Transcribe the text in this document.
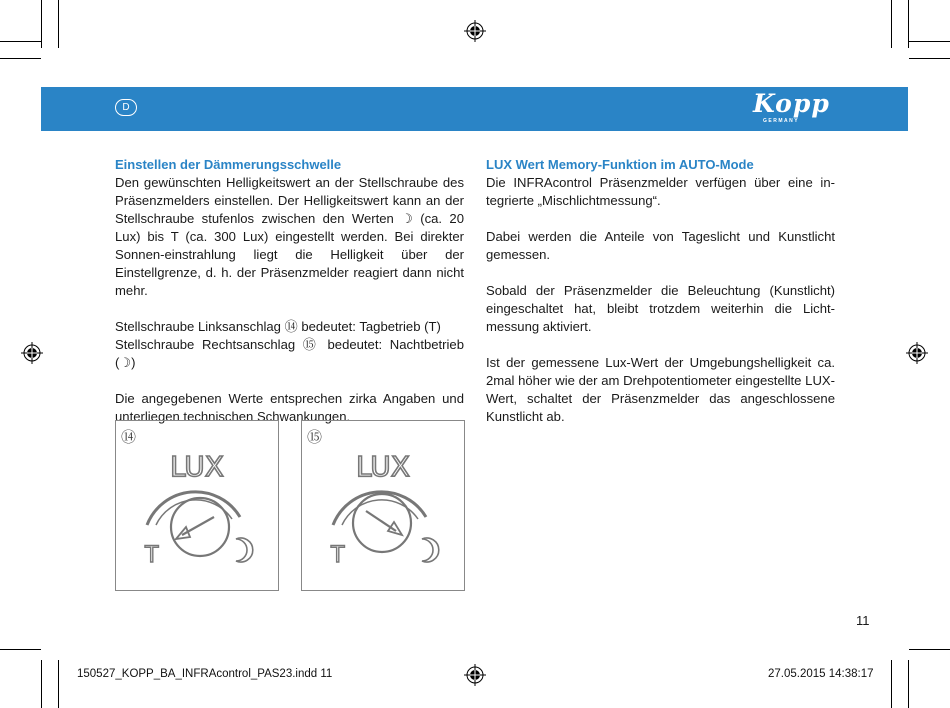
D	Kopp
GERMANY
Einstellen der Dämmerungsschwelle

Den gewünschten Helligkeitswert an der Stellschraube des Präsenzmelders einstellen. Der Helligkeitswert kann an der Stellschraube stufenlos zwischen den Werten ☽ (ca. 20 Lux) bis T (ca. 300 Lux) eingestellt werden. Bei direkter Sonnen-einstrahlung liegt die Helligkeit über der Einstellgrenze, d. h. der Präsenzmelder reagiert dann nicht mehr.

Stellschraube Linksanschlag ⑭ bedeutet: Tagbetrieb (T)

Stellschraube Rechtsanschlag ⑮ bedeutet: Nachtbetrieb (☽)

Die angegebenen Werte entsprechen zirka Angaben und unterliegen technischen Schwankungen.

LUX Wert Memory-Funktion im AUTO-Mode

Die INFRAcontrol Präsenzmelder verfügen über eine in-tegrierte „Mischlichtmessung“.

Dabei werden die Anteile von Tageslicht und Kunstlicht gemessen.

Sobald der Präsenzmelder die Beleuchtung (Kunstlicht) eingeschaltet hat, bleibt trotzdem weiterhin die Licht-messung aktiviert.

Ist der gemessene Lux-Wert der Umgebungshelligkeit ca. 2mal höher wie der am Drehpotentiometer eingestellte LUX-Wert, schaltet der Präsenzmelder das angeschlossene Kunstlicht ab.

⑭
LUX
T
⑮
LUX
T
11
150527_KOPP_BA_INFRAcontrol_PAS23.indd 11	27.05.2015 14:38:17
